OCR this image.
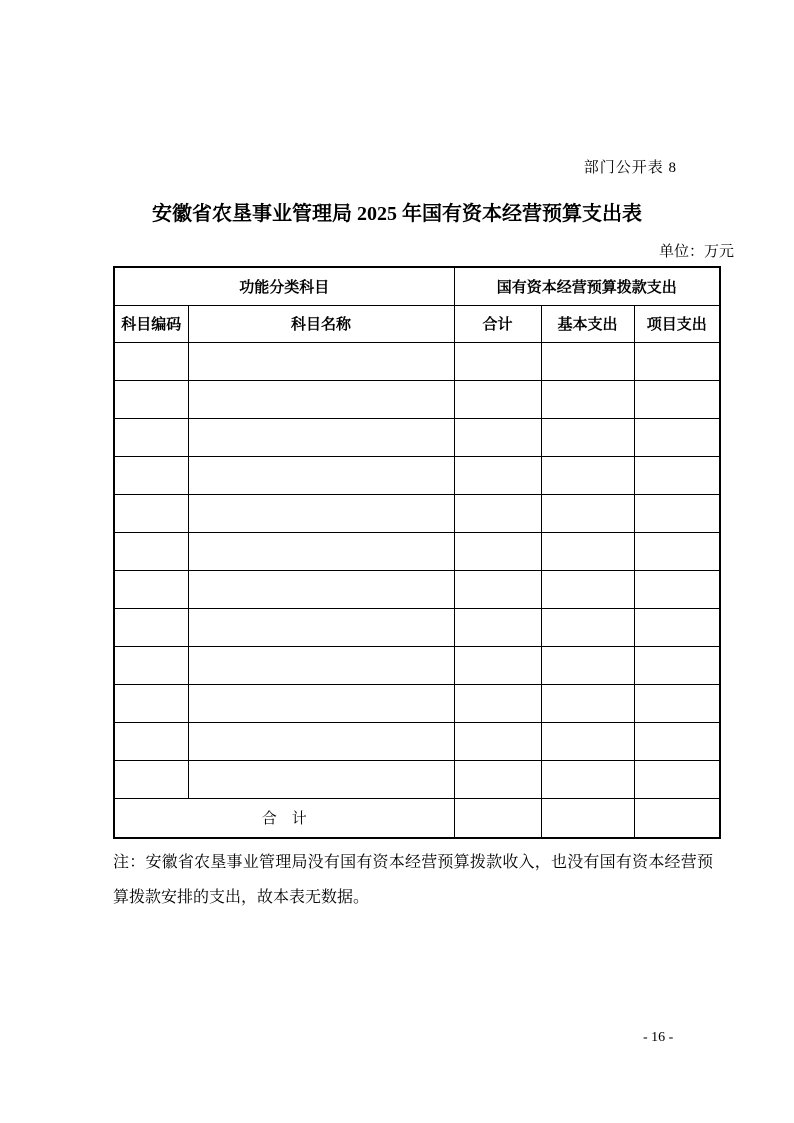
部门公开表 8
安徽省农垦事业管理局 2025 年国有资本经营预算支出表
单位：万元
功能分类科目		国有资本经营预算拨款支出		
科目编码	科目名称	合计	基本支出	项目支出

合 计				

注：安徽省农垦事业管理局没有国有资本经营预算拨款收入，也没有国有资本经营预算拨款安排的支出，故本表无数据。

- 16 -
